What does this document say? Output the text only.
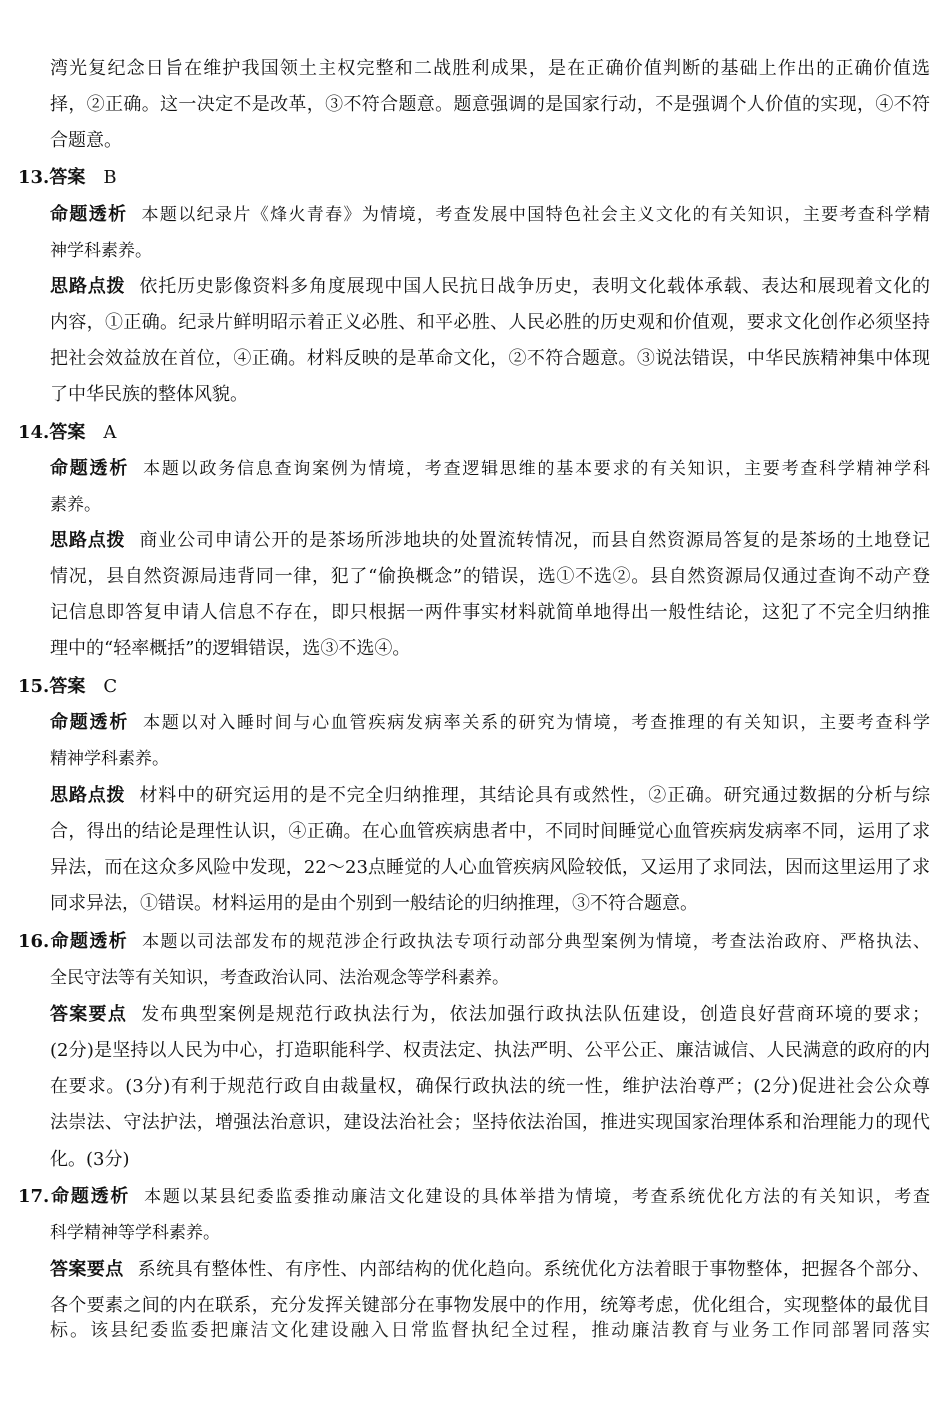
湾光复纪念日旨在维护我国领土主权完整和二战胜利成果，是在正确价值判断的基础上作出的正确价值选
择，②正确。这一决定不是改革，③不符合题意。题意强调的是国家行动，不是强调个人价值的实现，④不符
合题意。
13.答案 B
命题透析 本题以纪录片《烽火青春》为情境，考查发展中国特色社会主义文化的有关知识，主要考查科学精
神学科素养。
思路点拨 依托历史影像资料多角度展现中国人民抗日战争历史，表明文化载体承载、表达和展现着文化的
内容，①正确。纪录片鲜明昭示着正义必胜、和平必胜、人民必胜的历史观和价值观，要求文化创作必须坚持
把社会效益放在首位，④正确。材料反映的是革命文化，②不符合题意。③说法错误，中华民族精神集中体现
了中华民族的整体风貌。
14.答案 A
命题透析 本题以政务信息查询案例为情境，考查逻辑思维的基本要求的有关知识，主要考查科学精神学科
素养。
思路点拨 商业公司申请公开的是茶场所涉地块的处置流转情况，而县自然资源局答复的是茶场的土地登记
情况，县自然资源局违背同一律，犯了“偷换概念”的错误，选①不选②。县自然资源局仅通过查询不动产登
记信息即答复申请人信息不存在，即只根据一两件事实材料就简单地得出一般性结论，这犯了不完全归纳推
理中的“轻率概括”的逻辑错误，选③不选④。
15.答案 C
命题透析 本题以对入睡时间与心血管疾病发病率关系的研究为情境，考查推理的有关知识，主要考查科学
精神学科素养。
思路点拨 材料中的研究运用的是不完全归纳推理，其结论具有或然性，②正确。研究通过数据的分析与综
合，得出的结论是理性认识，④正确。在心血管疾病患者中，不同时间睡觉心血管疾病发病率不同，运用了求
异法，而在这众多风险中发现，22～23点睡觉的人心血管疾病风险较低，又运用了求同法，因而这里运用了求
同求异法，①错误。材料运用的是由个别到一般结论的归纳推理，③不符合题意。
16.命题透析 本题以司法部发布的规范涉企行政执法专项行动部分典型案例为情境，考查法治政府、严格执法、
全民守法等有关知识，考查政治认同、法治观念等学科素养。
答案要点 发布典型案例是规范行政执法行为，依法加强行政执法队伍建设，创造良好营商环境的要求；
(2分)是坚持以人民为中心，打造职能科学、权责法定、执法严明、公平公正、廉洁诚信、人民满意的政府的内
在要求。(3分)有利于规范行政自由裁量权，确保行政执法的统一性，维护法治尊严；(2分)促进社会公众尊
法崇法、守法护法，增强法治意识，建设法治社会；坚持依法治国，推进实现国家治理体系和治理能力的现代
化。(3分)
17.命题透析 本题以某县纪委监委推动廉洁文化建设的具体举措为情境，考查系统优化方法的有关知识，考查
科学精神等学科素养。
答案要点 系统具有整体性、有序性、内部结构的优化趋向。系统优化方法着眼于事物整体，把握各个部分、
各个要素之间的内在联系，充分发挥关键部分在事物发展中的作用，统筹考虑，优化组合，实现整体的最优目
标。该县纪委监委把廉洁文化建设融入日常监督执纪全过程，推动廉洁教育与业务工作同部署同落实
